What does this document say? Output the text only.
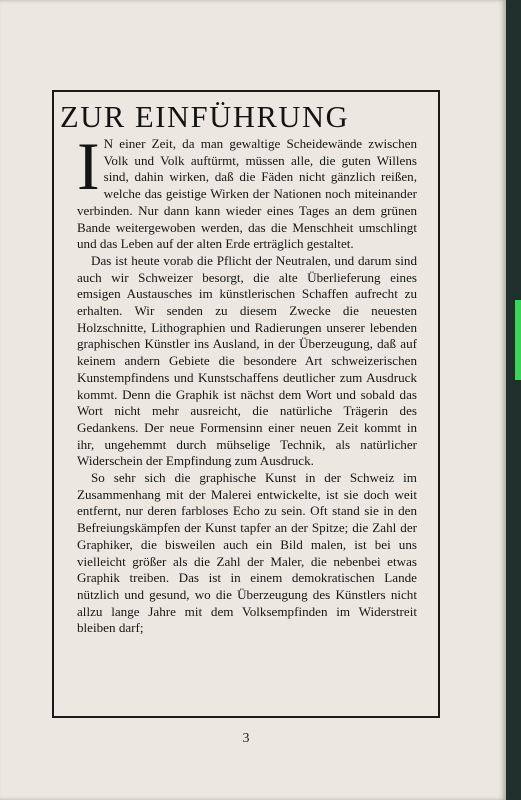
ZUR EINFÜHRUNG

I N einer Zeit, da man gewaltige Scheidewände zwischen Volk und Volk auftürmt, müssen alle, die guten Willens sind, dahin wirken, daß die Fäden nicht gänzlich reißen, welche das geistige Wirken der Nationen noch miteinander verbinden. Nur dann kann wieder eines Tages an dem grünen Bande weitergewoben werden, das die Menschheit umschlingt und das Leben auf der alten Erde erträglich gestaltet.

Das ist heute vorab die Pflicht der Neutralen, und darum sind auch wir Schweizer besorgt, die alte Überlieferung eines emsigen Austausches im künstlerischen Schaffen aufrecht zu erhalten. Wir senden zu diesem Zwecke die neuesten Holzschnitte, Lithographien und Radierungen unserer lebenden graphischen Künstler ins Ausland, in der Überzeugung, daß auf keinem andern Gebiete die besondere Art schweizerischen Kunstempfindens und Kunstschaffens deutlicher zum Ausdruck kommt. Denn die Graphik ist nächst dem Wort und sobald das Wort nicht mehr ausreicht, die natürliche Trägerin des Gedankens. Der neue Formensinn einer neuen Zeit kommt in ihr, ungehemmt durch mühselige Technik, als natürlicher Widerschein der Empfindung zum Ausdruck.

So sehr sich die graphische Kunst in der Schweiz im Zusammenhang mit der Malerei entwickelte, ist sie doch weit entfernt, nur deren farbloses Echo zu sein. Oft stand sie in den Befreiungskämpfen der Kunst tapfer an der Spitze; die Zahl der Graphiker, die bisweilen auch ein Bild malen, ist bei uns vielleicht größer als die Zahl der Maler, die nebenbei etwas Graphik treiben. Das ist in einem demokratischen Lande nützlich und gesund, wo die Überzeugung des Künstlers nicht allzu lange Jahre mit dem Volksempfinden im Widerstreit bleiben darf;

3
